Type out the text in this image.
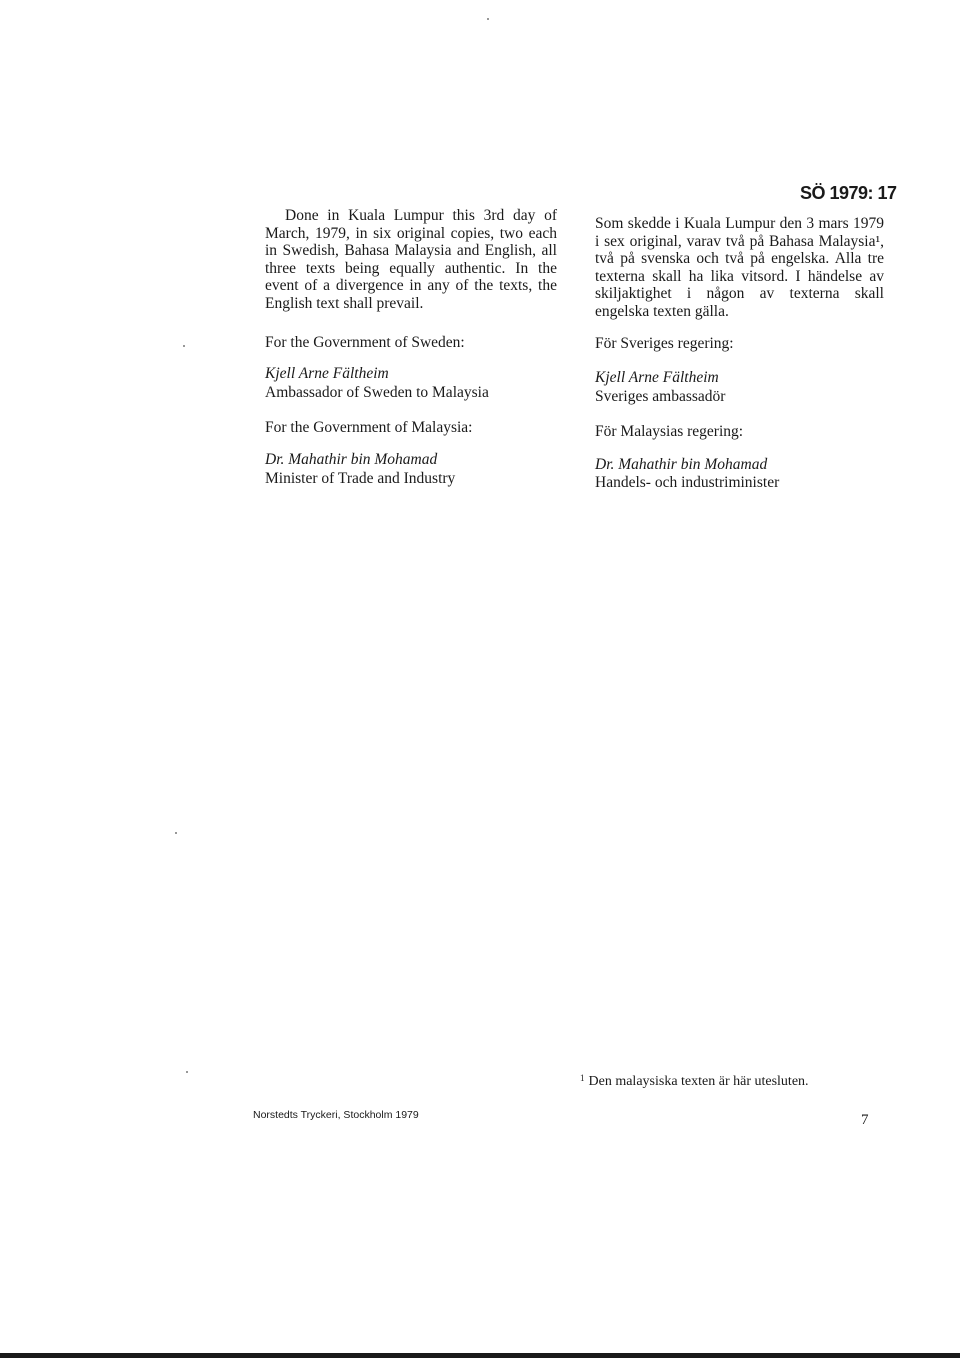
SÖ 1979: 17
Done in Kuala Lumpur this 3rd day of March, 1979, in six original copies, two each in Swedish, Bahasa Malaysia and English, all three texts being equally authentic. In the event of a divergence in any of the texts, the English text shall prevail.
For the Government of Sweden:
Kjell Arne Fältheim
Ambassador of Sweden to Malaysia
For the Government of Malaysia:
Dr. Mahathir bin Mohamad
Minister of Trade and Industry
Som skedde i Kuala Lumpur den 3 mars 1979 i sex original, varav två på Bahasa Malaysia¹, två på svenska och två på engelska. Alla tre texterna skall ha lika vitsord. I händelse av skiljaktighet i någon av texterna skall engelska texten gälla.
För Sveriges regering:
Kjell Arne Fältheim
Sveriges ambassadör
För Malaysias regering:
Dr. Mahathir bin Mohamad
Handels- och industriminister
$^1$ Den malaysiska texten är här utesluten.
Norstedts Tryckeri, Stockholm 1979	7
